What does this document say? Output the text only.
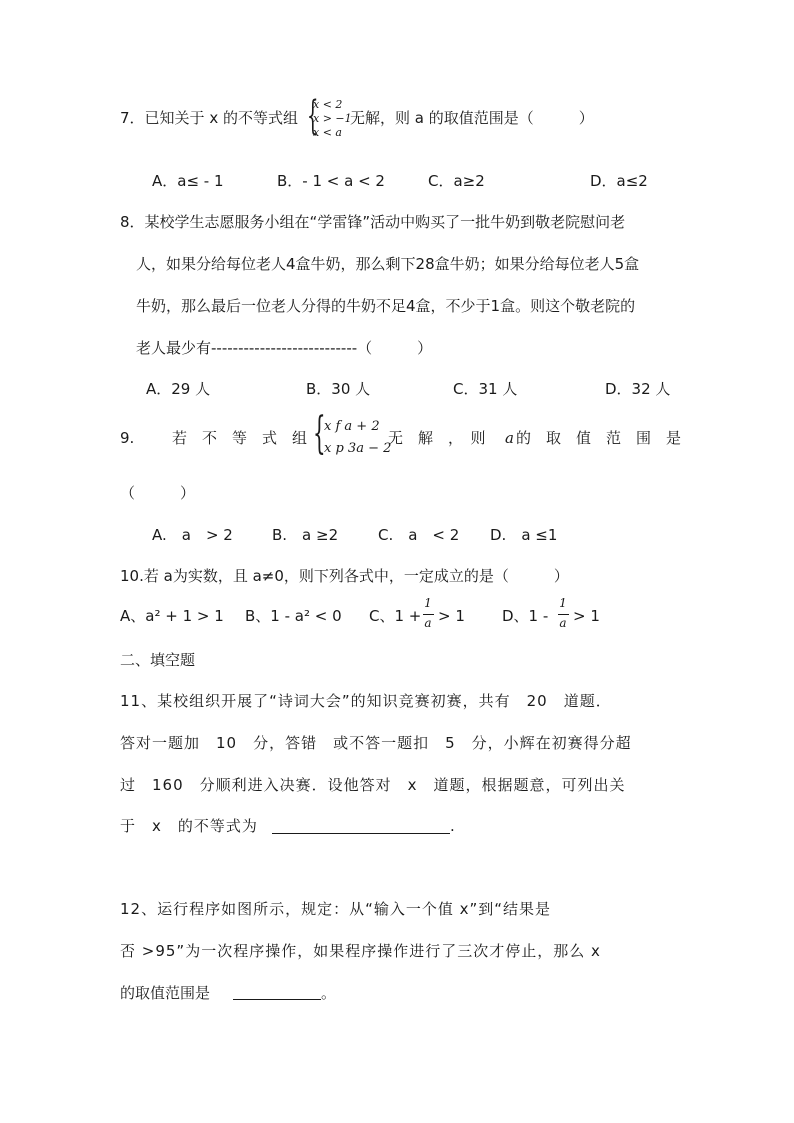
7．已知关于 x 的不等式组 {
x < 2
x > −1
x < a
无解，则 a 的取值范围是（　　　）
A．a≤ - 1	B．- 1 < a < 2	C．a≥2	D．a≤2
8．某校学生志愿服务小组在“学雷锋”活动中购买了一批牛奶到敬老院慰问老
人，如果分给每位老人4盒牛奶，那么剩下28盒牛奶；如果分给每位老人5盒
牛奶，那么最后一位老人分得的牛奶不足4盒，不少于1盒。则这个敬老院的
老人最少有---------------------------（　　　）
A．29 人	B．30 人	C．31 人	D．32 人
9.	若　不　等　式　组 {
x f a + 2
x p 3a − 2
无　解　，　则 a 的　取　值　范　围　是
（　　　）
A.　a　> 2	B.　a ≥2	C.　a　< 2 D.　a ≤1
10.若 a为实数，且 a≠0，则下列各式中，一定成立的是（　　　）
A、a² + 1 > 1 B、1 - a² < 0 C、1 +
1
a > 1 D、1 -
1
a > 1
二、填空题
11、某校组织开展了“诗词大会”的知识竞赛初赛，共有　20　道题．
答对一题加　10　分，答错　或不答一题扣　5　分，小辉在初赛得分超
过　160　分顺利进入决赛．设他答对　x　道题，根据题意，可列出关
于　x　的不等式为	.
12、运行程序如图所示，规定：从“输入一个值 x”到“结果是
否 >95”为一次程序操作，如果程序操作进行了三次才停止，那么 x
的取值范围是	。
